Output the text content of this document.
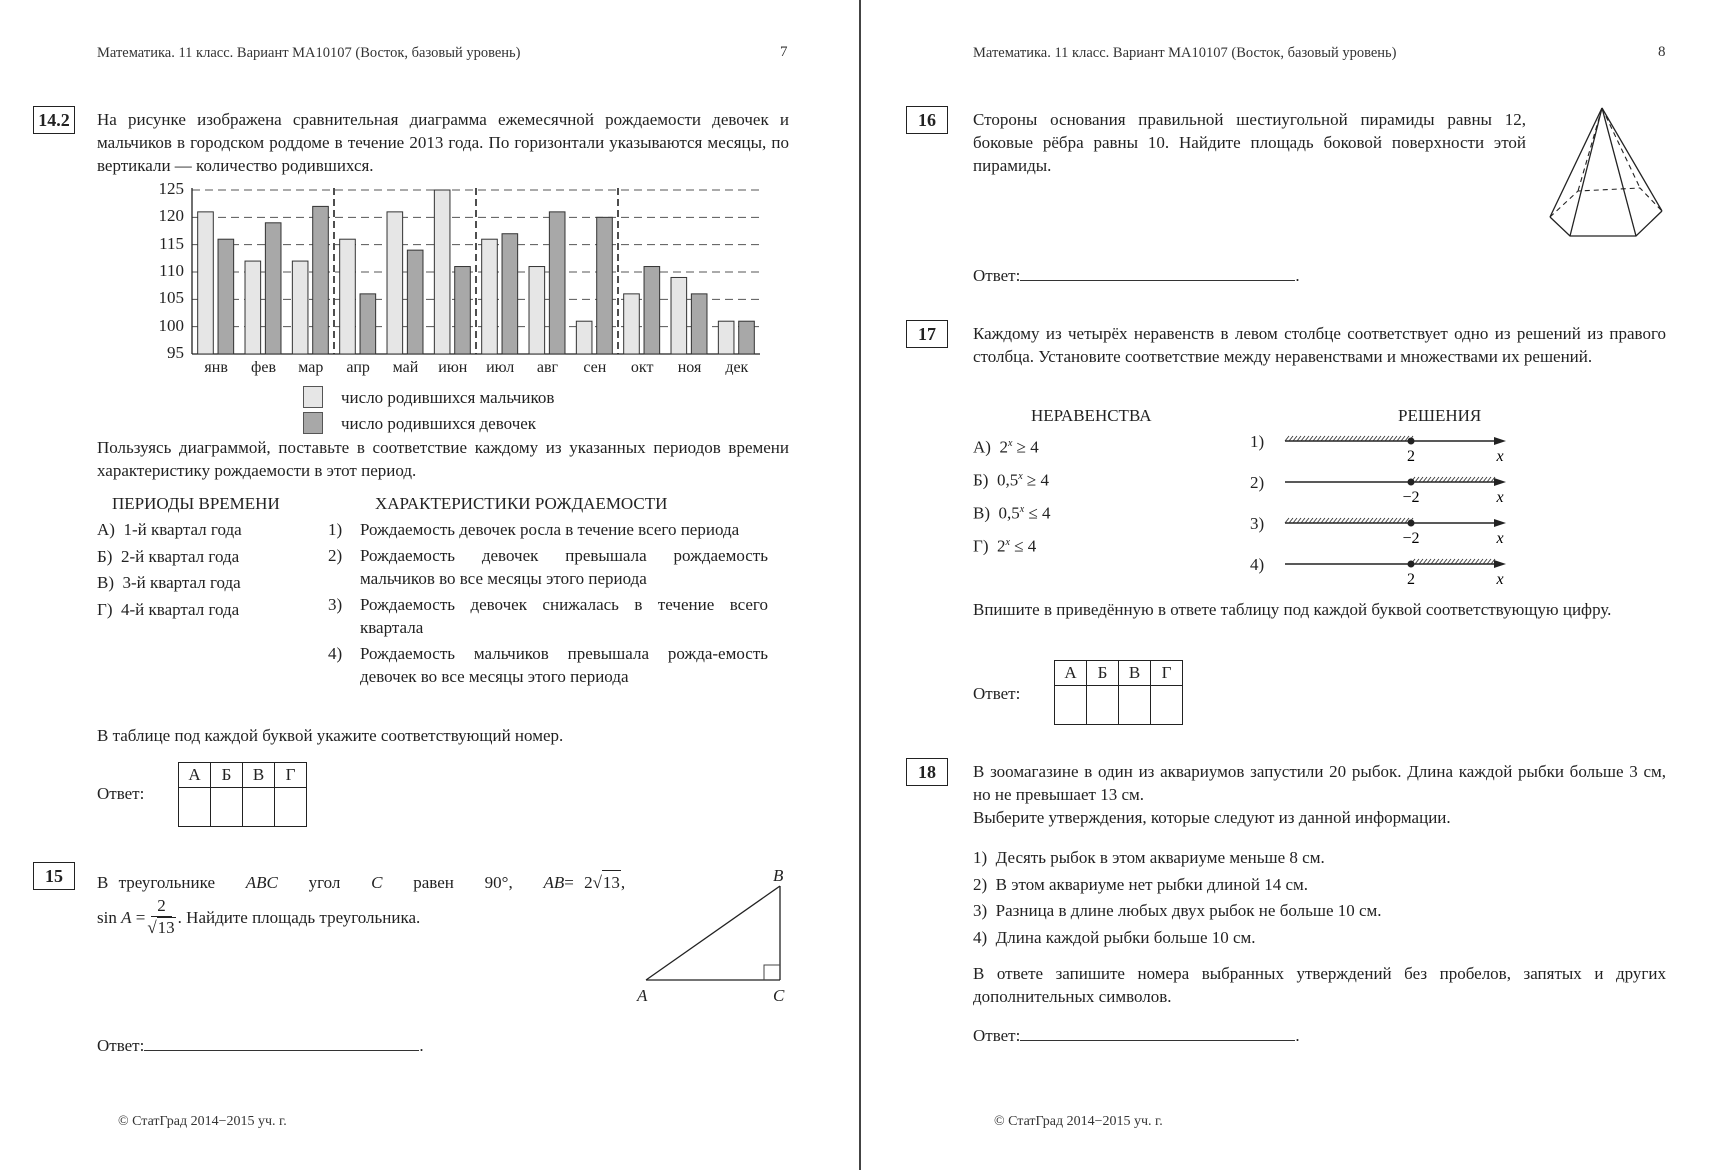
Математика. 11 класс. Вариант МА10107 (Восток, базовый уровень)	7
14.2	На рисунке изображена сравнительная диаграмма ежемесячной рождаемости девочек и мальчиков в городском роддоме в течение 2013 года. По горизонтали указываются месяцы, по вертикали — количество родившихся.
95
100
105
110
115
120
125
янв	фев	мар	апр	май	июн	июл	авг	сен	окт	ноя	дек
число родившихся мальчиков
число родившихся девочек
Пользуясь диаграммой, поставьте в соответствие каждому из указанных периодов времени характеристику рождаемости в этот период.
ПЕРИОДЫ ВРЕМЕНИ	ХАРАКТЕРИСТИКИ РОЖДАЕМОСТИ
А) 1-й квартал года
Б) 2-й квартал года
В) 3-й квартал года
Г) 4-й квартал года
1)	Рождаемость девочек росла в течение всего периода
2)	Рождаемость девочек превышала рождаемость мальчиков во все месяцы этого периода
3)	Рождаемость девочек снижалась в течение всего квартала
4)	Рождаемость мальчиков превышала рожда-емость девочек во все месяцы этого периода
В таблице под каждой буквой укажите соответствующий номер.
Ответ:
А	Б	В	Г

15	В треугольнике ABC угол C равен 90°, AB= 2√13,
sin
A
= $\frac{2}{√13}$ . Найдите площадь треугольника.
A
B
C
Ответ:	.
© СтатГрад 2014−2015 уч. г.
Математика. 11 класс. Вариант МА10107 (Восток, базовый уровень)	8
16	Стороны основания правильной шестиугольной пирамиды равны 12, боковые рёбра равны 10. Найдите площадь боковой поверхности этой пирамиды.
Ответ:	.
17	Каждому из четырёх неравенств в левом столбце соответствует одно из решений из правого столбца. Установите соответствие между неравенствами и множествами их решений.
НЕРАВЕНСТВА	РЕШЕНИЯ
А) $2^x \ge 4$
Б) $0,5^x \ge 4$
В) $0,5^x \le 4$
Г) $2^x \le 4$
1)
2	x
2)
−2	x
3)
−2	x
4)
2	x
Впишите в приведённую в ответе таблицу под каждой буквой соответствующую цифру.
Ответ:
А	Б	В	Г

18	В зоомагазине в один из аквариумов запустили 20 рыбок. Длина каждой рыбки больше 3 см, но не превышает 13 см.
Выберите утверждения, которые следуют из данной информации.
1) Десять рыбок в этом аквариуме меньше 8 см.
2) В этом аквариуме нет рыбки длиной 14 см.
3) Разница в длине любых двух рыбок не больше 10 см.
4) Длина каждой рыбки больше 10 см.
В ответе запишите номера выбранных утверждений без пробелов, запятых и других дополнительных символов.
Ответ:	.
© СтатГрад 2014−2015 уч. г.
